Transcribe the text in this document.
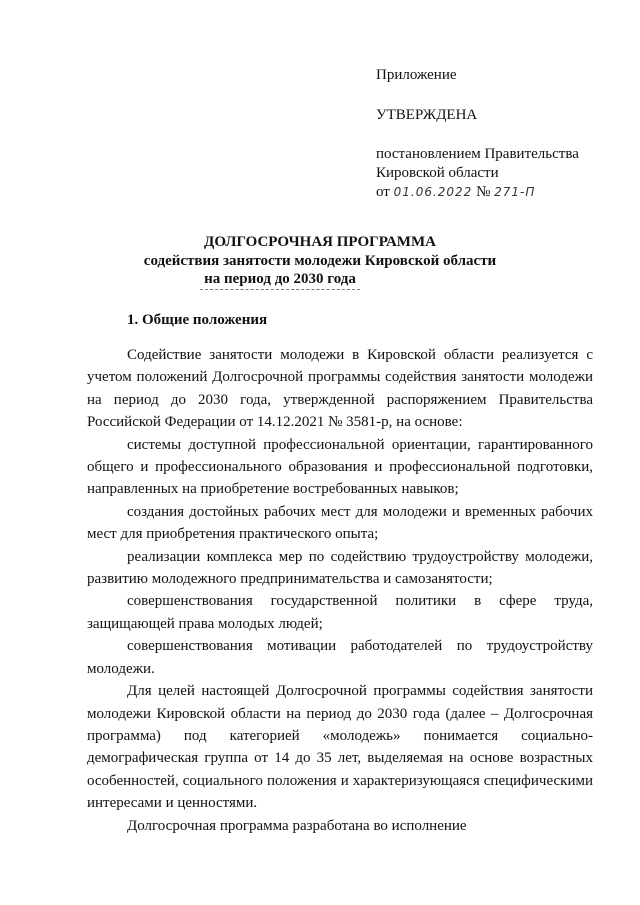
Приложение
УТВЕРЖДЕНА
постановлением Правительства
Кировской области
от 01.06.2022 № 271-П
ДОЛГОСРОЧНАЯ ПРОГРАММА
содействия занятости молодежи Кировской области
на период до 2030 года
1. Общие положения

Содействие занятости молодежи в Кировской области реализуется с учетом положений Долгосрочной программы содействия занятости молодежи на период до 2030 года, утвержденной распоряжением Правительства Российской Федерации от 14.12.2021 № 3581-р, на основе:

системы доступной профессиональной ориентации, гарантированного общего и профессионального образования и профессиональной подготовки, направленных на приобретение востребованных навыков;

создания достойных рабочих мест для молодежи и временных рабочих мест для приобретения практического опыта;

реализации комплекса мер по содействию трудоустройству молодежи, развитию молодежного предпринимательства и самозанятости;

совершенствования государственной политики в сфере труда, защищающей права молодых людей;

совершенствования мотивации работодателей по трудоустройству молодежи.

Для целей настоящей Долгосрочной программы содействия занятости молодежи Кировской области на период до 2030 года (далее – Долгосрочная программа) под категорией «молодежь» понимается социально-демографическая группа от 14 до 35 лет, выделяемая на основе возрастных особенностей, социального положения и характеризующаяся специфическими интересами и ценностями.

Долгосрочная программа разработана во исполнение
